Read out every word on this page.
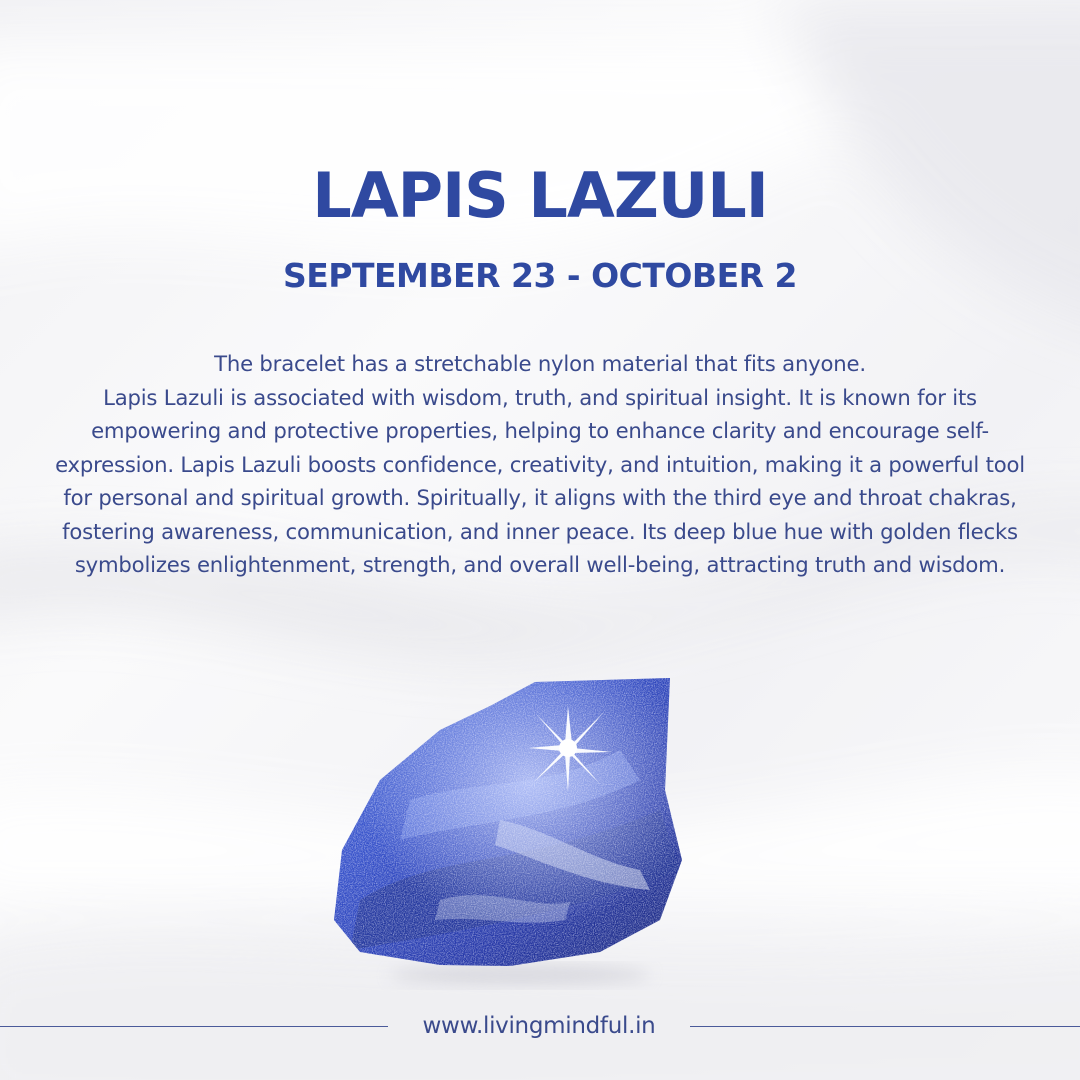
LAPIS LAZULI
SEPTEMBER 23 - OCTOBER 2

The bracelet has a stretchable nylon material that fits anyone.
Lapis Lazuli is associated with wisdom, truth, and spiritual insight. It is known for its empowering and protective properties, helping to enhance clarity and encourage self-expression. Lapis Lazuli boosts confidence, creativity, and intuition, making it a powerful tool for personal and spiritual growth. Spiritually, it aligns with the third eye and throat chakras, fostering awareness, communication, and inner peace. Its deep blue hue with golden flecks symbolizes enlightenment, strength, and overall well-being, attracting truth and wisdom.

www.livingmindful.in
